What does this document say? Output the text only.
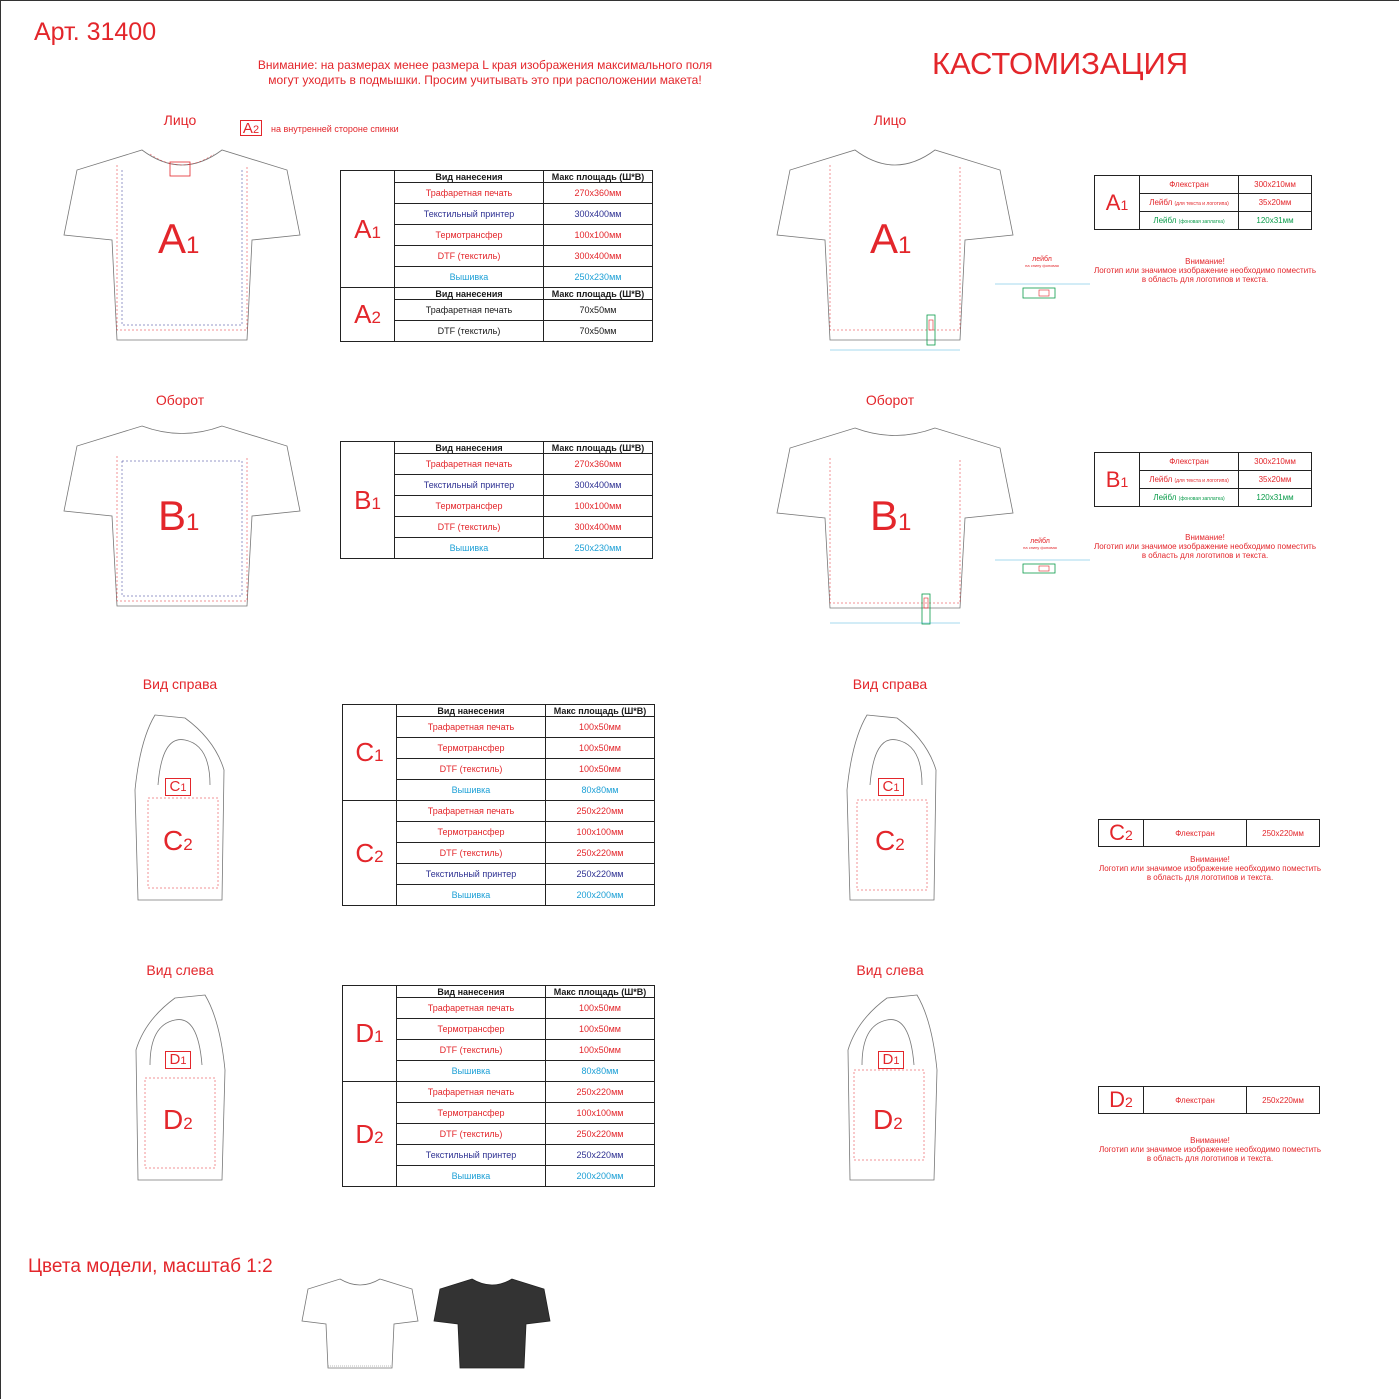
Арт. 31400
КАСТОМИЗАЦИЯ
Внимание: на размерах менее размера L края изображения максимального поля
могут уходить в подмышки. Просим учитывать это при расположении макета!
Лицо	A2	на внутренней стороне спинки
A1
A1	Вид нанесения	Макс площадь (Ш*В)
	Трафаретная печать	270x360мм
	Текстильный принтер	300x400мм
	Термотрансфер	100x100мм
	DTF (текстиль)	300x400мм
	Вышивка	250x230мм
A2	Вид нанесения	Макс площадь (Ш*В)
	Трафаретная печать	70x50мм
	DTF (текстиль)	70x50мм
Оборот
B1
B1	Вид нанесения	Макс площадь (Ш*В)
	Трафаретная печать	270x360мм
	Текстильный принтер	300x400мм
	Термотрансфер	100x100мм
	DTF (текстиль)	300x400мм
	Вышивка	250x230мм
Вид справа
C1
C2
C1	Вид нанесения	Макс площадь (Ш*В)
	Трафаретная печать	100x50мм
	Термотрансфер	100x50мм
	DTF (текстиль)	100x50мм
	Вышивка	80x80мм
C2	Трафаретная печать	250x220мм
	Термотрансфер	100x100мм
	DTF (текстиль)	250x220мм
	Текстильный принтер	250x220мм
	Вышивка	200x200мм
Вид слева
D1
D2
D1	Вид нанесения	Макс площадь (Ш*В)
	Трафаретная печать	100x50мм
	Термотрансфер	100x50мм
	DTF (текстиль)	100x50мм
	Вышивка	80x80мм
D2	Трафаретная печать	250x220мм
	Термотрансфер	100x100мм
	DTF (текстиль)	250x220мм
	Текстильный принтер	250x220мм
	Вышивка	200x200мм
Лицо
A1
A1	Флекстран	300x210мм
	Лейбл (для текста и логотипа)	35x20мм
	Лейбл (фоновая заплатка)	120x31мм
лейбл
на спину фоновая	Внимание!
Логотип или значимое изображение необходимо поместить
в область для логотипов и текста.
Оборот
B1
B1	Флекстран	300x210мм
	Лейбл (для текста и логотипа)	35x20мм
	Лейбл (фоновая заплатка)	120x31мм
лейбл
на спину фоновая
Внимание!
Логотип или значимое изображение необходимо поместить
в область для логотипов и текста.
Вид справа
C1
C2	C2	Флекстран	250x220мм
Внимание!
Логотип или значимое изображение необходимо поместить
в область для логотипов и текста.
Вид слева
D1
D2
D2	Флекстран	250x220мм
Внимание!
Логотип или значимое изображение необходимо поместить
в область для логотипов и текста.
Цвета модели, масштаб 1:2
